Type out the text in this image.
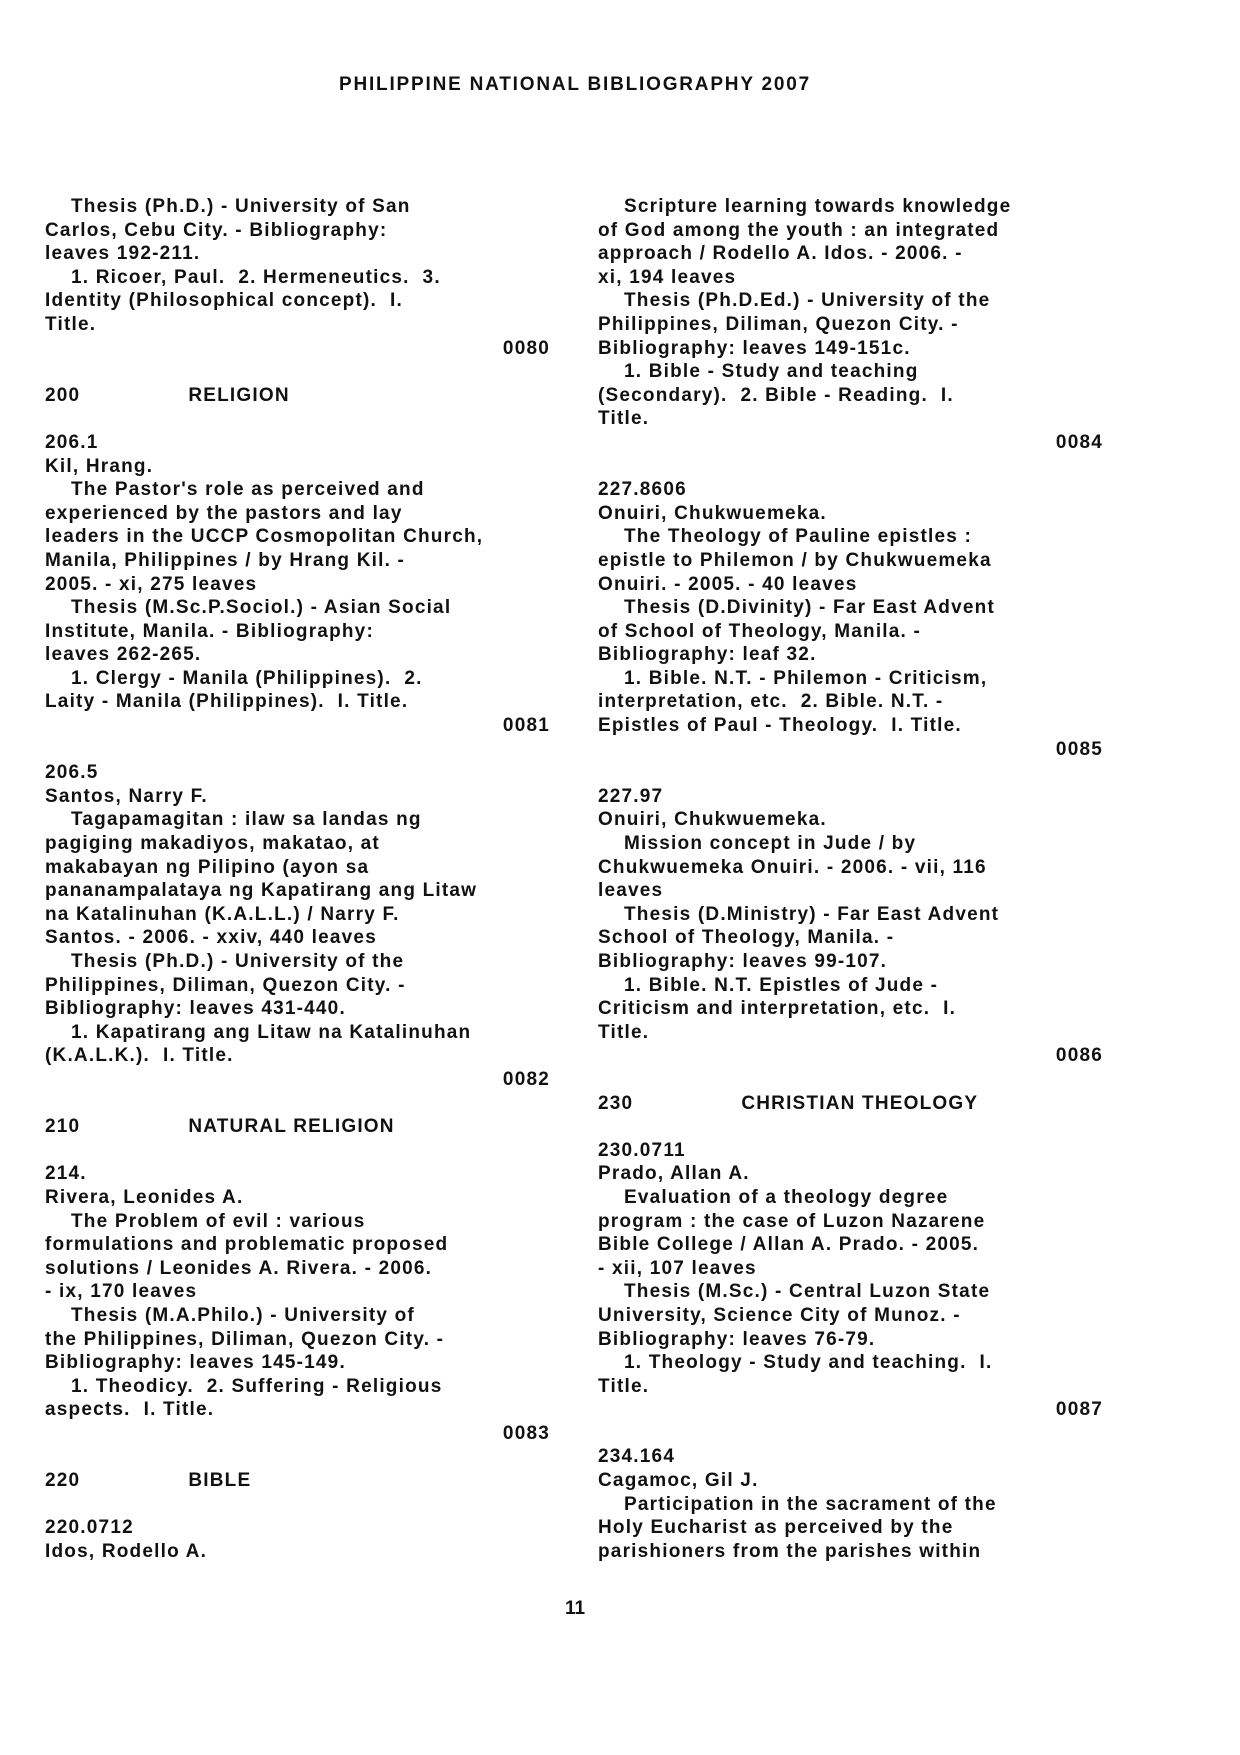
PHILIPPINE NATIONAL BIBLIOGRAPHY 2007
Thesis (Ph.D.) - University of San
Carlos, Cebu City. - Bibliography:
leaves 192-211.
1. Ricoer, Paul.  2. Hermeneutics.  3.
Identity (Philosophical concept).  I.
Title.
0080
200	RELIGION
206.1
Kil, Hrang.
The Pastor's role as perceived and
experienced by the pastors and lay
leaders in the UCCP Cosmopolitan Church,
Manila, Philippines / by Hrang Kil. -
2005. - xi, 275 leaves
Thesis (M.Sc.P.Sociol.) - Asian Social
Institute, Manila. - Bibliography:
leaves 262-265.
1. Clergy - Manila (Philippines).  2.
Laity - Manila (Philippines).  I. Title.
0081
206.5
Santos, Narry F.
Tagapamagitan : ilaw sa landas ng
pagiging makadiyos, makatao, at
makabayan ng Pilipino (ayon sa
pananampalataya ng Kapatirang ang Litaw
na Katalinuhan (K.A.L.L.) / Narry F.
Santos. - 2006. - xxiv, 440 leaves
Thesis (Ph.D.) - University of the
Philippines, Diliman, Quezon City. -
Bibliography: leaves 431-440.
1. Kapatirang ang Litaw na Katalinuhan
(K.A.L.K.).  I. Title.
0082
210	NATURAL RELIGION
214.
Rivera, Leonides A.
The Problem of evil : various
formulations and problematic proposed
solutions / Leonides A. Rivera. - 2006.
- ix, 170 leaves
Thesis (M.A.Philo.) - University of
the Philippines, Diliman, Quezon City. -
Bibliography: leaves 145-149.
1. Theodicy.  2. Suffering - Religious
aspects.  I. Title.
0083
220	BIBLE
220.0712
Idos, Rodello A.
Scripture learning towards knowledge
of God among the youth : an integrated
approach / Rodello A. Idos. - 2006. -
xi, 194 leaves
Thesis (Ph.D.Ed.) - University of the
Philippines, Diliman, Quezon City. -
Bibliography: leaves 149-151c.
1. Bible - Study and teaching
(Secondary).  2. Bible - Reading.  I.
Title.
0084
227.8606
Onuiri, Chukwuemeka.
The Theology of Pauline epistles :
epistle to Philemon / by Chukwuemeka
Onuiri. - 2005. - 40 leaves
Thesis (D.Divinity) - Far East Advent
of School of Theology, Manila. -
Bibliography: leaf 32.
1. Bible. N.T. - Philemon - Criticism,
interpretation, etc.  2. Bible. N.T. -
Epistles of Paul - Theology.  I. Title.
0085
227.97
Onuiri, Chukwuemeka.
Mission concept in Jude / by
Chukwuemeka Onuiri. - 2006. - vii, 116
leaves
Thesis (D.Ministry) - Far East Advent
School of Theology, Manila. -
Bibliography: leaves 99-107.
1. Bible. N.T. Epistles of Jude -
Criticism and interpretation, etc.  I.
Title.
0086
230	CHRISTIAN THEOLOGY
230.0711
Prado, Allan A.
Evaluation of a theology degree
program : the case of Luzon Nazarene
Bible College / Allan A. Prado. - 2005.
- xii, 107 leaves
Thesis (M.Sc.) - Central Luzon State
University, Science City of Munoz. -
Bibliography: leaves 76-79.
1. Theology - Study and teaching.  I.
Title.
0087
234.164
Cagamoc, Gil J.
Participation in the sacrament of the
Holy Eucharist as perceived by the
parishioners from the parishes within
11
